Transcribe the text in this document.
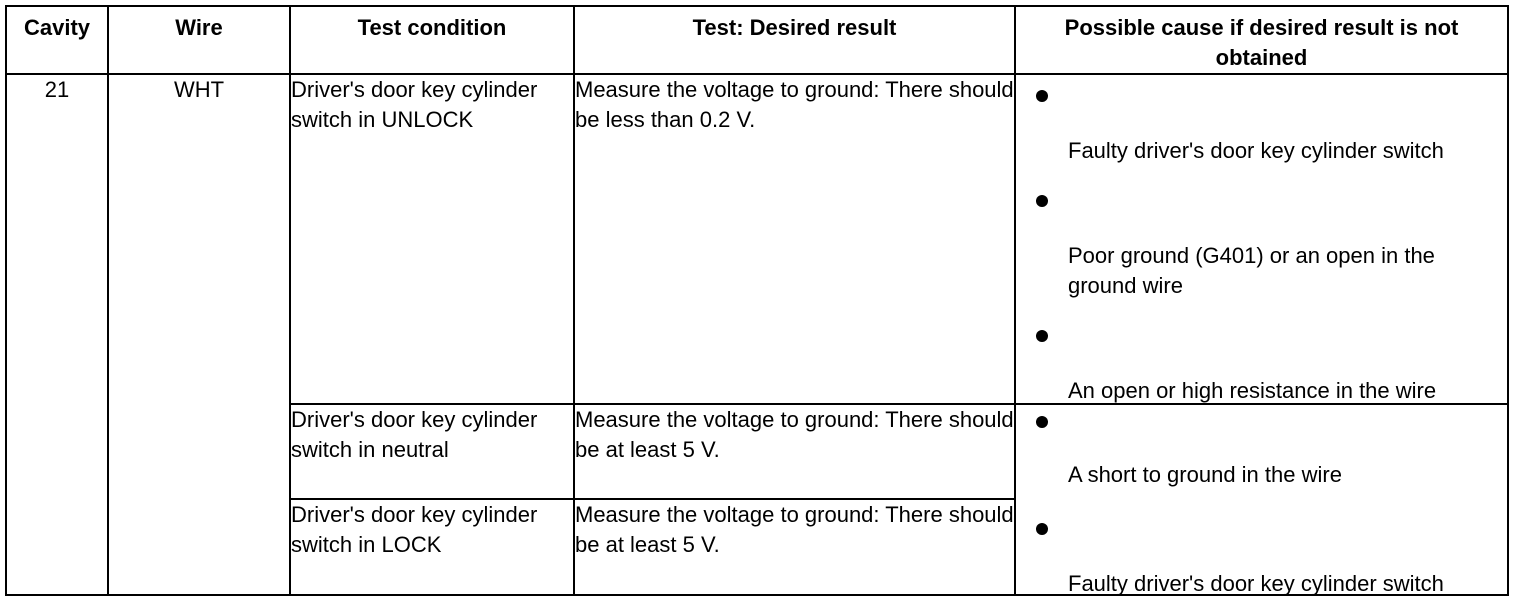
Cavity	Wire	Test condition	Test: Desired result	Possible cause if desired result is not obtained
21	WHT	Driver's door key cylinder switch in UNLOCK	Measure the voltage to ground: There should be less than 0.2 V.	Faulty driver's door key cylinder switch
Poor ground (G401) or an open in the ground wire
An open or high resistance in the wire

		Driver's door key cylinder switch in neutral	Measure the voltage to ground: There should be at least 5 V.	A short to ground in the wire
Faulty driver's door key cylinder switch

		Driver's door key cylinder switch in LOCK	Measure the voltage to ground: There should be at least 5 V.	
